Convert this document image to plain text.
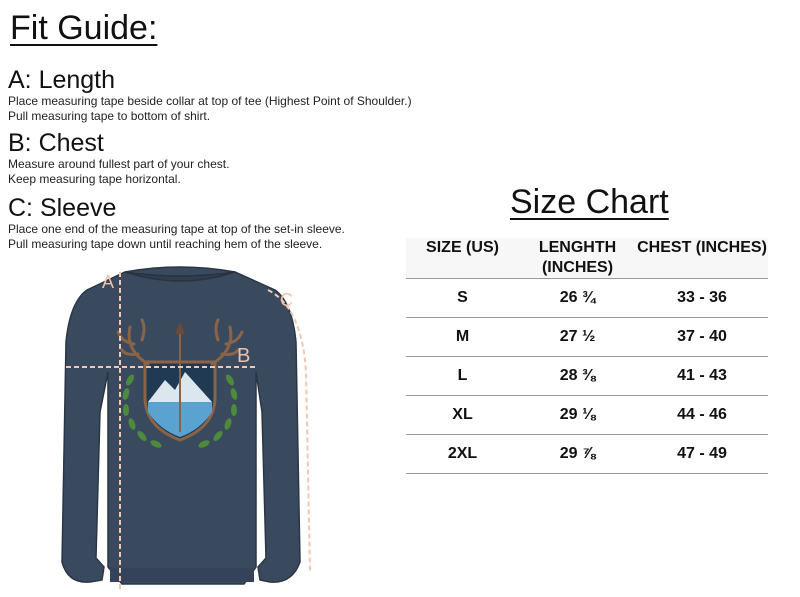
Fit Guide:
A: Length

Place measuring tape beside collar at top of tee (Highest Point of Shoulder.)

Pull measuring tape to bottom of shirt.

B: Chest

Measure around fullest part of your chest.

Keep measuring tape horizontal.

C: Sleeve

Place one end of the measuring tape at top of the set-in sleeve.

Pull measuring tape down until reaching hem of the sleeve.

Size Chart
SIZE (US)	LENGHTH (INCHES)	CHEST (INCHES)
S	26 ¾	33 - 36
M	27 ½	37 - 40
L	28 ⅜	41 - 43
XL	29 ⅛	44 - 46
2XL	29 ⅞	47 - 49
A
B
C
